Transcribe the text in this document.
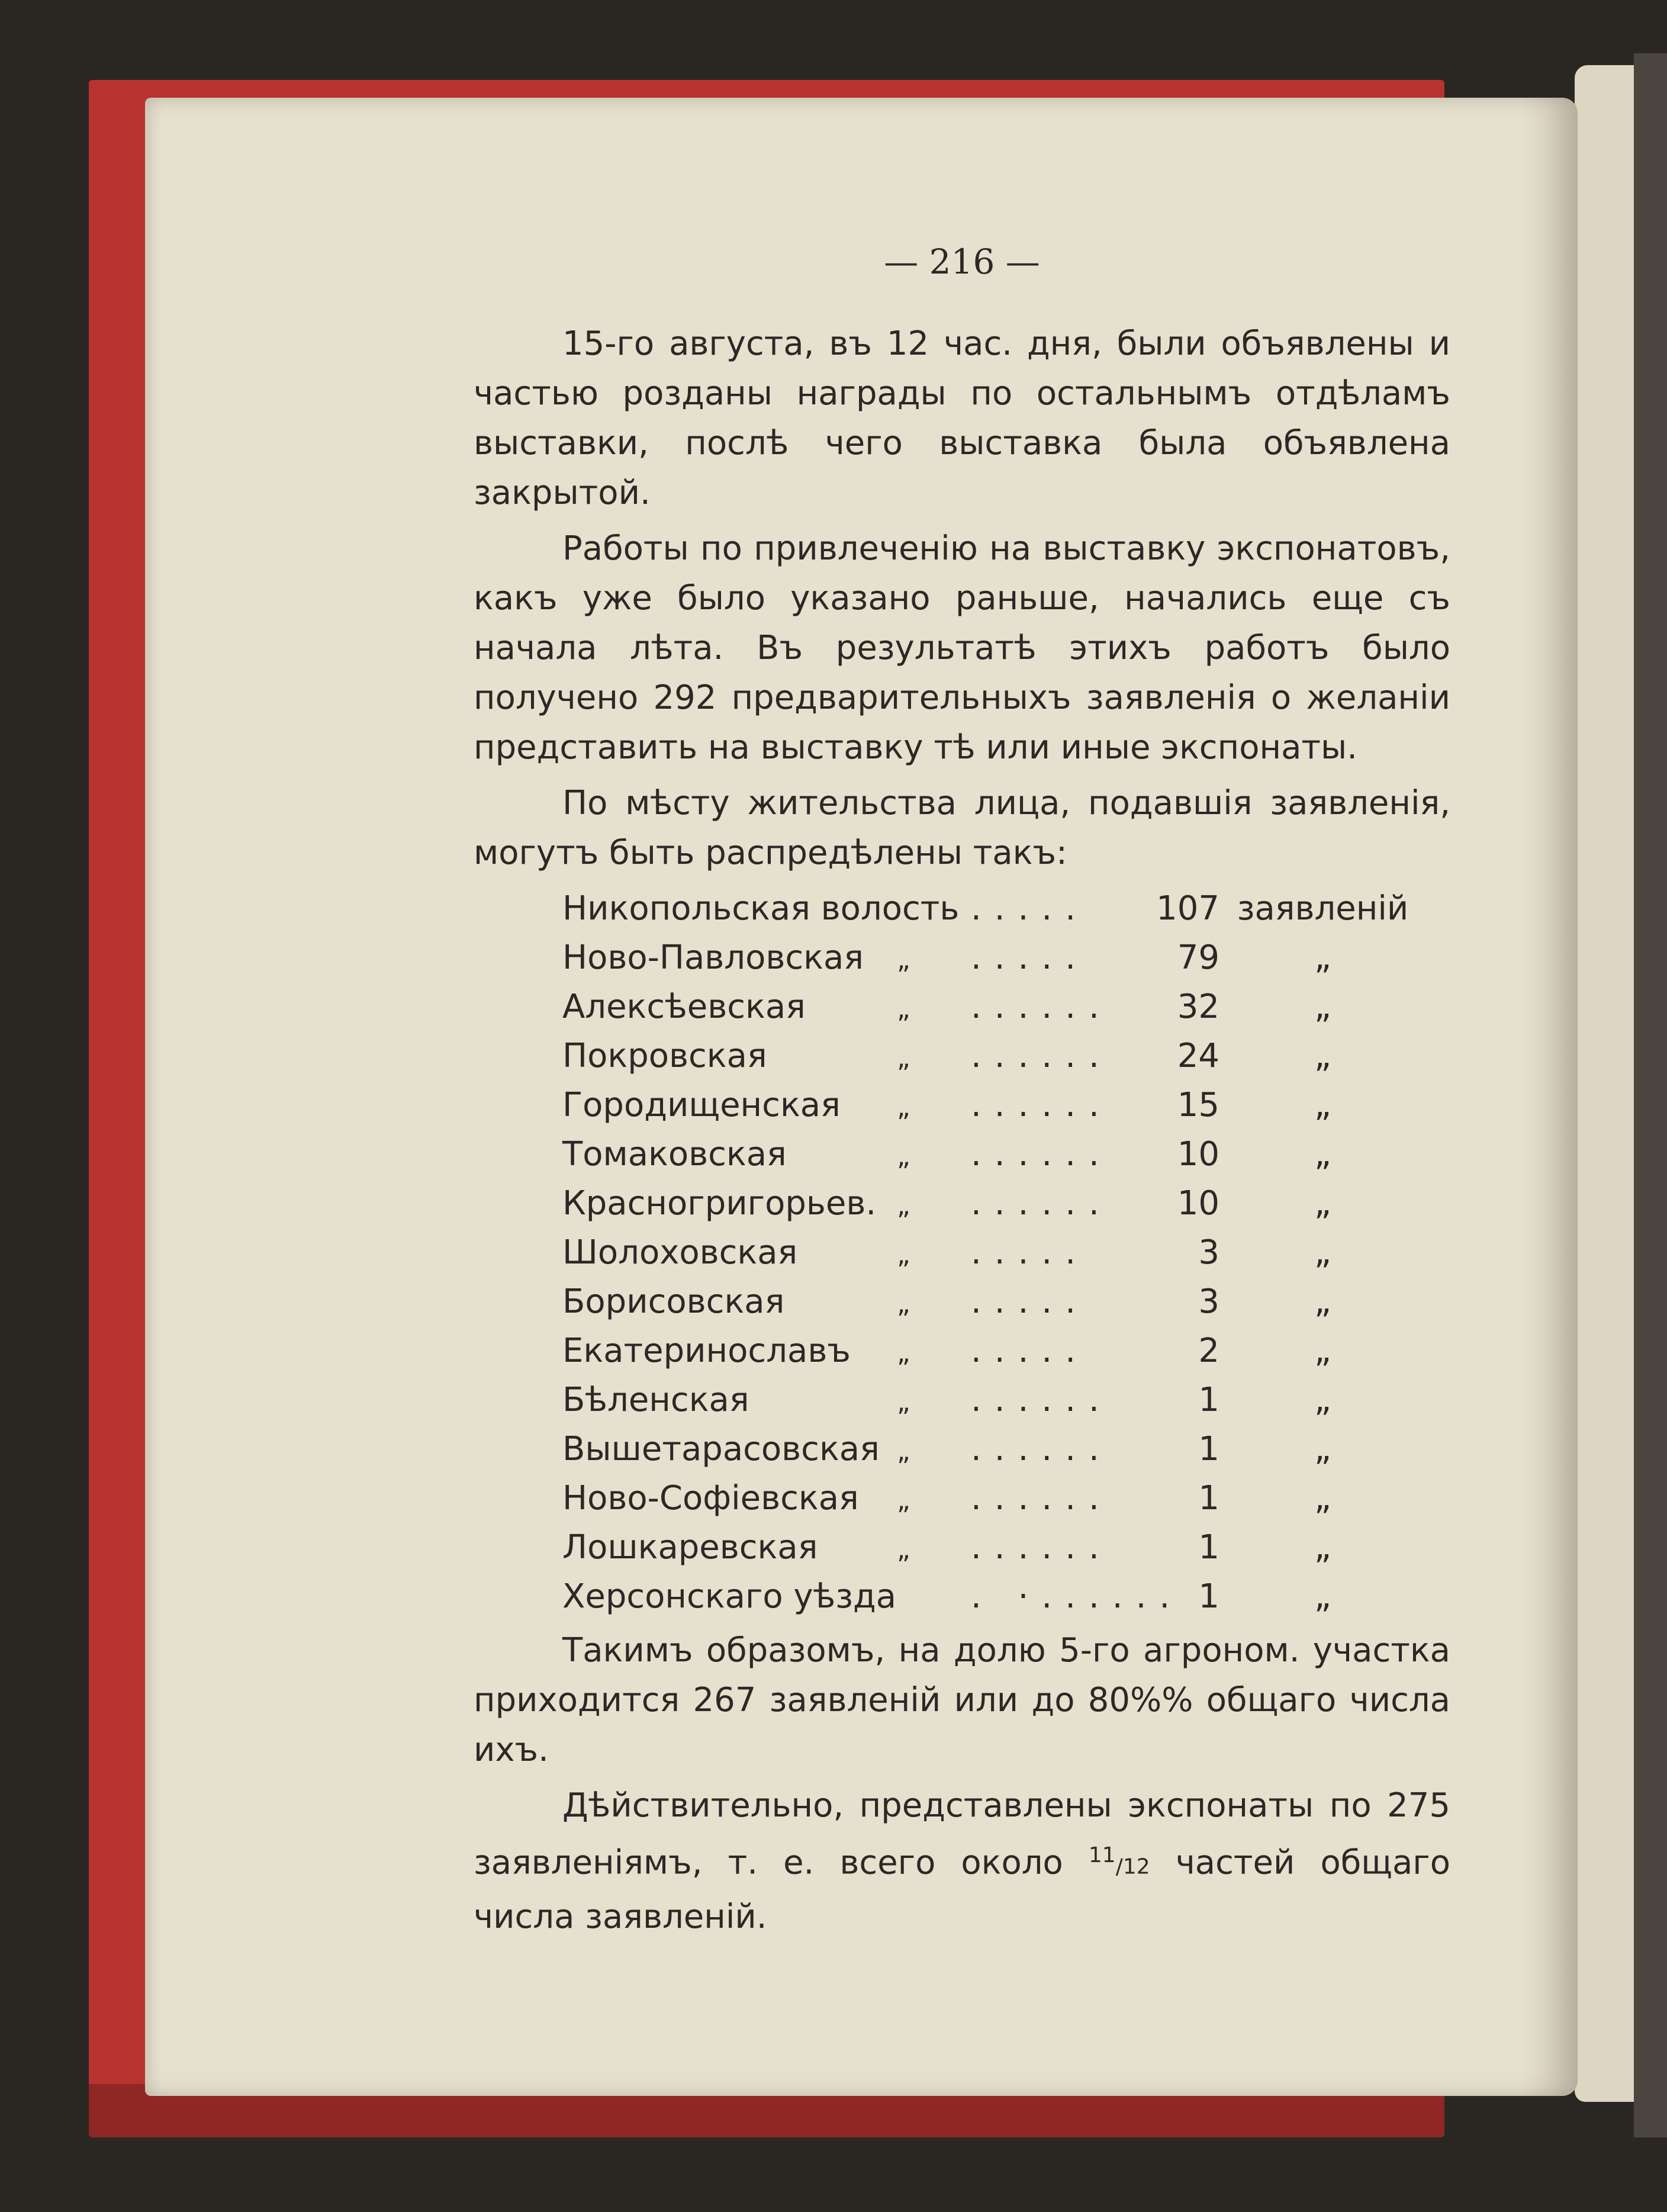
— 216 —

15-го августа, въ 12 час. дня, были объявлены и частью розданы награды по остальнымъ отдѣламъ выставки, послѣ чего выставка была объявлена закрытой.

Работы по привлеченію на выставку экспонатовъ, какъ уже было указано раньше, начались еще съ начала лѣта. Въ результатѣ этихъ работъ было получено 292 предварительныхъ заявленія о желаніи представить на выставку тѣ или иные экспонаты.

По мѣсту жительства лица, подавшія заявленія, могутъ быть распредѣлены такъ:

Никопольская волость .....	107 заявленій
Ново-Павловская	„	.....	79	„
Алексѣевская	„	......	32	„
Покровская	„	......	24	„
Городищенская	„	......	15	„
Томаковская	„	......	10	„
Красногригорьев. „	......	10	„
Шолоховская	„	.....	3	„
Борисовская	„	.....	3	„
Екатеринославъ	„	.....	2	„
Бѣленская	„	......	1	„
Вышетарасовская „	......	1	„
Ново-Софіевская	„	......	1	„
Лошкаревская	„	......	1	„
Херсонскаго уѣзда . ·...... 1	„

Такимъ образомъ, на долю 5-го агроном. участка приходится 267 заявленій или до 80%% общаго числа ихъ.

Дѣйствительно, представлены экспонаты по 275 заявленіямъ, т. е. всего около $^{11}$/12 частей общаго числа заявленій.
